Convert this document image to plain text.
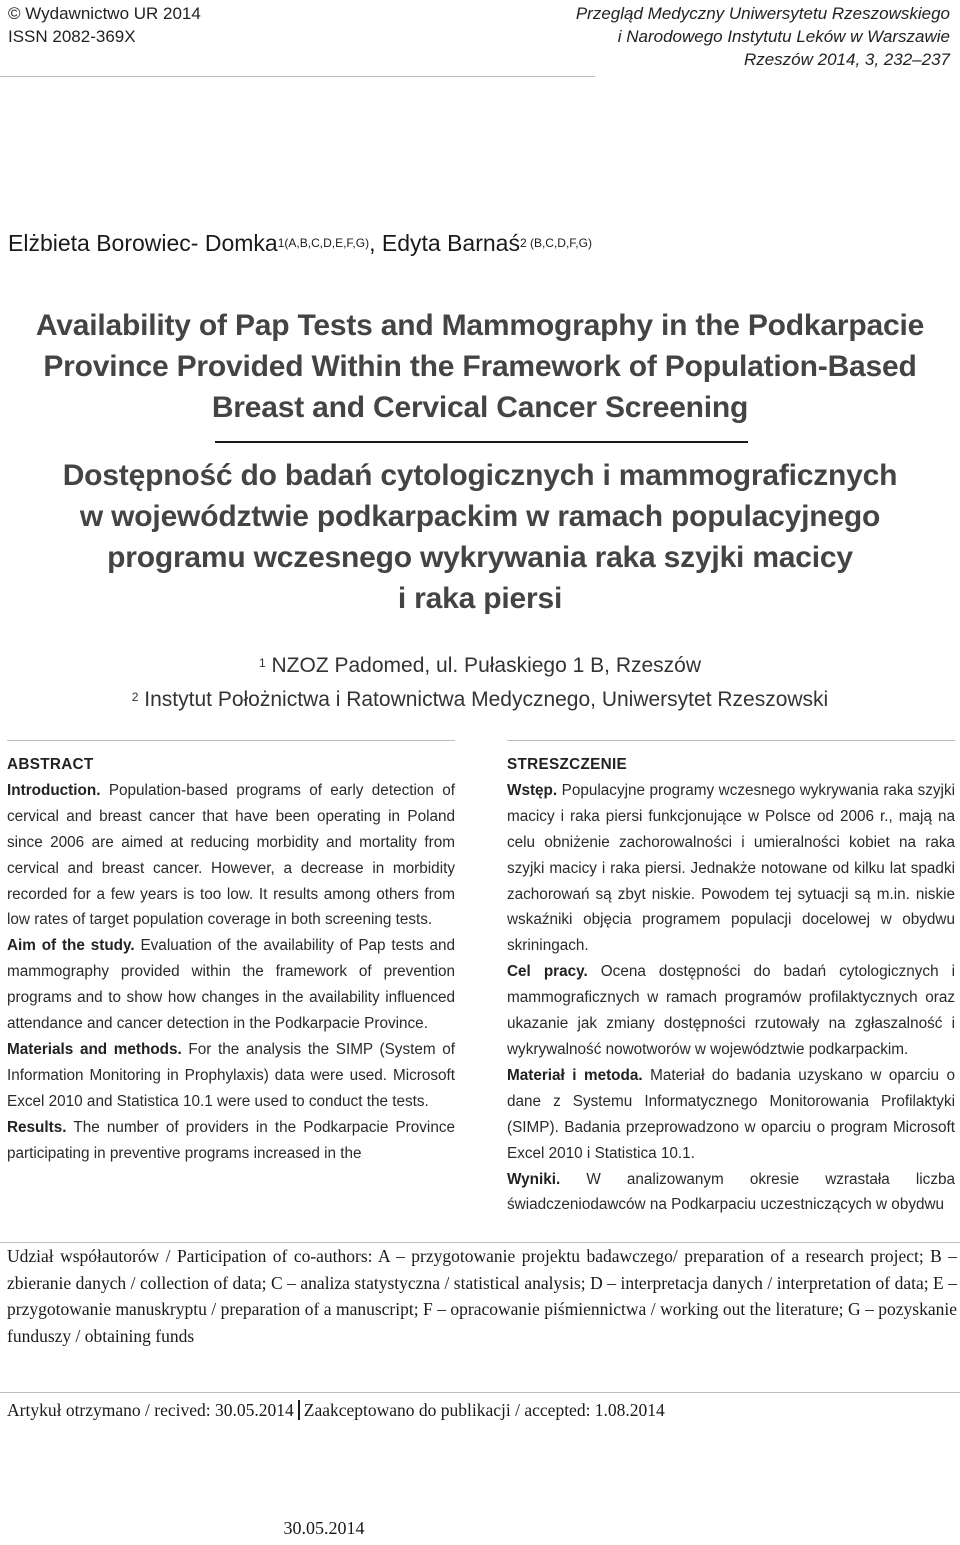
© Wydawnictwo UR 2014
ISSN 2082-369X
Przegląd Medyczny Uniwersytetu Rzeszowskiego
i Narodowego Instytutu Leków w Warszawie
Rzeszów 2014, 3, 232–237
Elżbieta Borowiec- Domka$^{1(A,B,C,D,E,F,G)}$, Edyta Barnaś$^{2 (B,C,D,F,G)}$
Availability of Pap Tests and Mammography in the Podkarpacie
Province Provided Within the Framework of Population-Based
Breast and Cervical Cancer Screening
Dostępność do badań cytologicznych i mammograficznych
w województwie podkarpackim w ramach populacyjnego
programu wczesnego wykrywania raka szyjki macicy
i raka piersi
$^1$ NZOZ Padomed, ul. Pułaskiego 1 B, Rzeszów
$^2$ Instytut Położnictwa i Ratownictwa Medycznego, Uniwersytet Rzeszowski
ABSTRACT
Introduction. Population-based programs of early detection of cervical and breast cancer that have been operating in Poland since 2006 are aimed at reducing morbidity and mortality from cervical and breast cancer. However, a decrease in morbidity recorded for a few years is too low. It results among others from low rates of target population coverage in both screening tests.
Aim of the study. Evaluation of the availability of Pap tests and mammography provided within the framework of prevention programs and to show how changes in the availability influenced attendance and cancer detection in the Podkarpacie Province.
Materials and methods. For the analysis the SIMP (System of Information Monitoring in Prophylaxis) data were used. Microsoft Excel 2010 and Statistica 10.1 were used to conduct the tests.
Results. The number of providers in the Podkarpacie Province participating in preventive programs increased in the
STRESZCZENIE
Wstęp. Populacyjne programy wczesnego wykrywania raka szyjki macicy i raka piersi funkcjonujące w Polsce od 2006 r., mają na celu obniżenie zachorowalności i umieralności kobiet na raka szyjki macicy i raka piersi. Jednakże notowane od kilku lat spadki zachorowań są zbyt niskie. Powodem tej sytuacji są m.in. niskie wskaźniki objęcia programem populacji docelowej w obydwu skriningach.
Cel pracy. Ocena dostępności do badań cytologicznych i mammograficznych w ramach programów profilaktycznych oraz ukazanie jak zmiany dostępności rzutowały na zgłaszalność i wykrywalność nowotworów w województwie podkarpackim.
Materiał i metoda. Materiał do badania uzyskano w oparciu o dane z Systemu Informatycznego Monitorowania Profilaktyki (SIMP). Badania przeprowadzono w oparciu o program Microsoft Excel 2010 i Statistica 10.1.
Wyniki. W analizowanym okresie wzrastała liczba świadczeniodawców na Podkarpaciu uczestniczących w obydwu
Udział współautorów / Participation of co-authors: A – przygotowanie projektu badawczego/ preparation of a research project; B – zbieranie danych / collection of data; C – analiza statystyczna / statistical analysis; D – interpretacja danych / interpretation of data; E – przygotowanie manuskryptu / preparation of a manuscript; F – opracowanie piśmiennictwa / working out the literature; G – pozyskanie funduszy / obtaining funds
Artykuł otrzymano / recived: 30.05.2014 Zaakceptowano do publikacji / accepted: 1.08.2014
30.05.2014
